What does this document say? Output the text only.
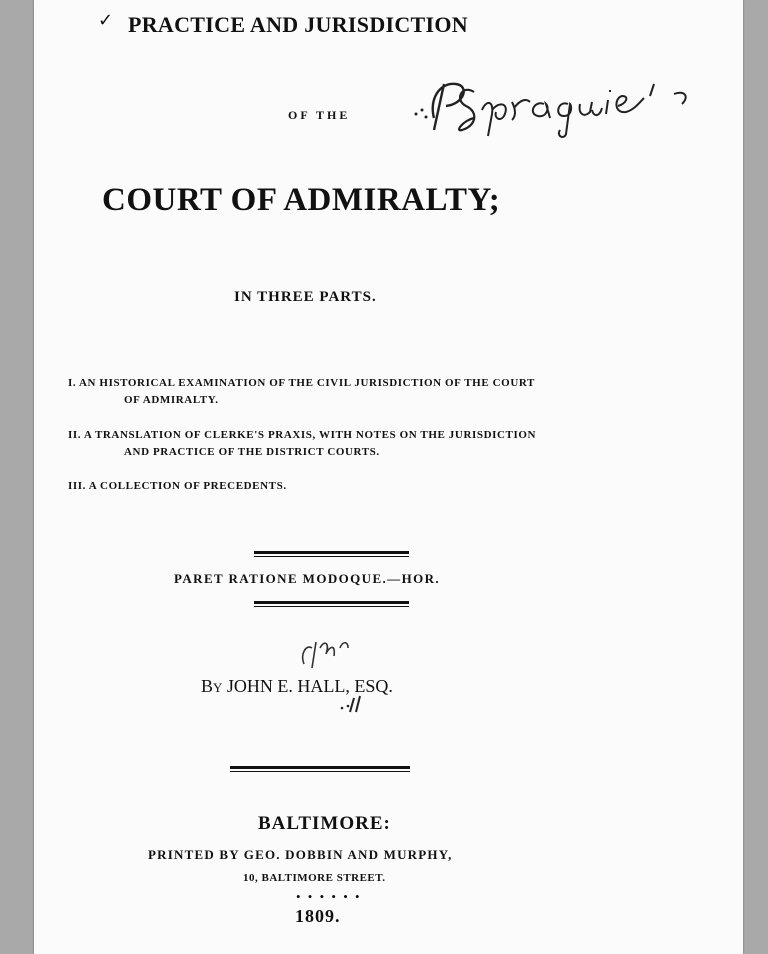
✓ PRACTICE AND JURISDICTION
OF THE
COURT OF ADMIRALTY;
IN THREE PARTS.
I. AN HISTORICAL EXAMINATION OF THE CIVIL JURISDICTION OF THE COURT
OF ADMIRALTY.
II. A TRANSLATION OF CLERKE'S PRAXIS, WITH NOTES ON THE JURISDICTION
AND PRACTICE OF THE DISTRICT COURTS.
III. A COLLECTION OF PRECEDENTS.
PARET RATIONE MODOQUE.—HOR.
By JOHN E. HALL, ESQ.
BALTIMORE:
PRINTED BY GEO. DOBBIN AND MURPHY,
10, BALTIMORE STREET.
• • • • • •
1809.
